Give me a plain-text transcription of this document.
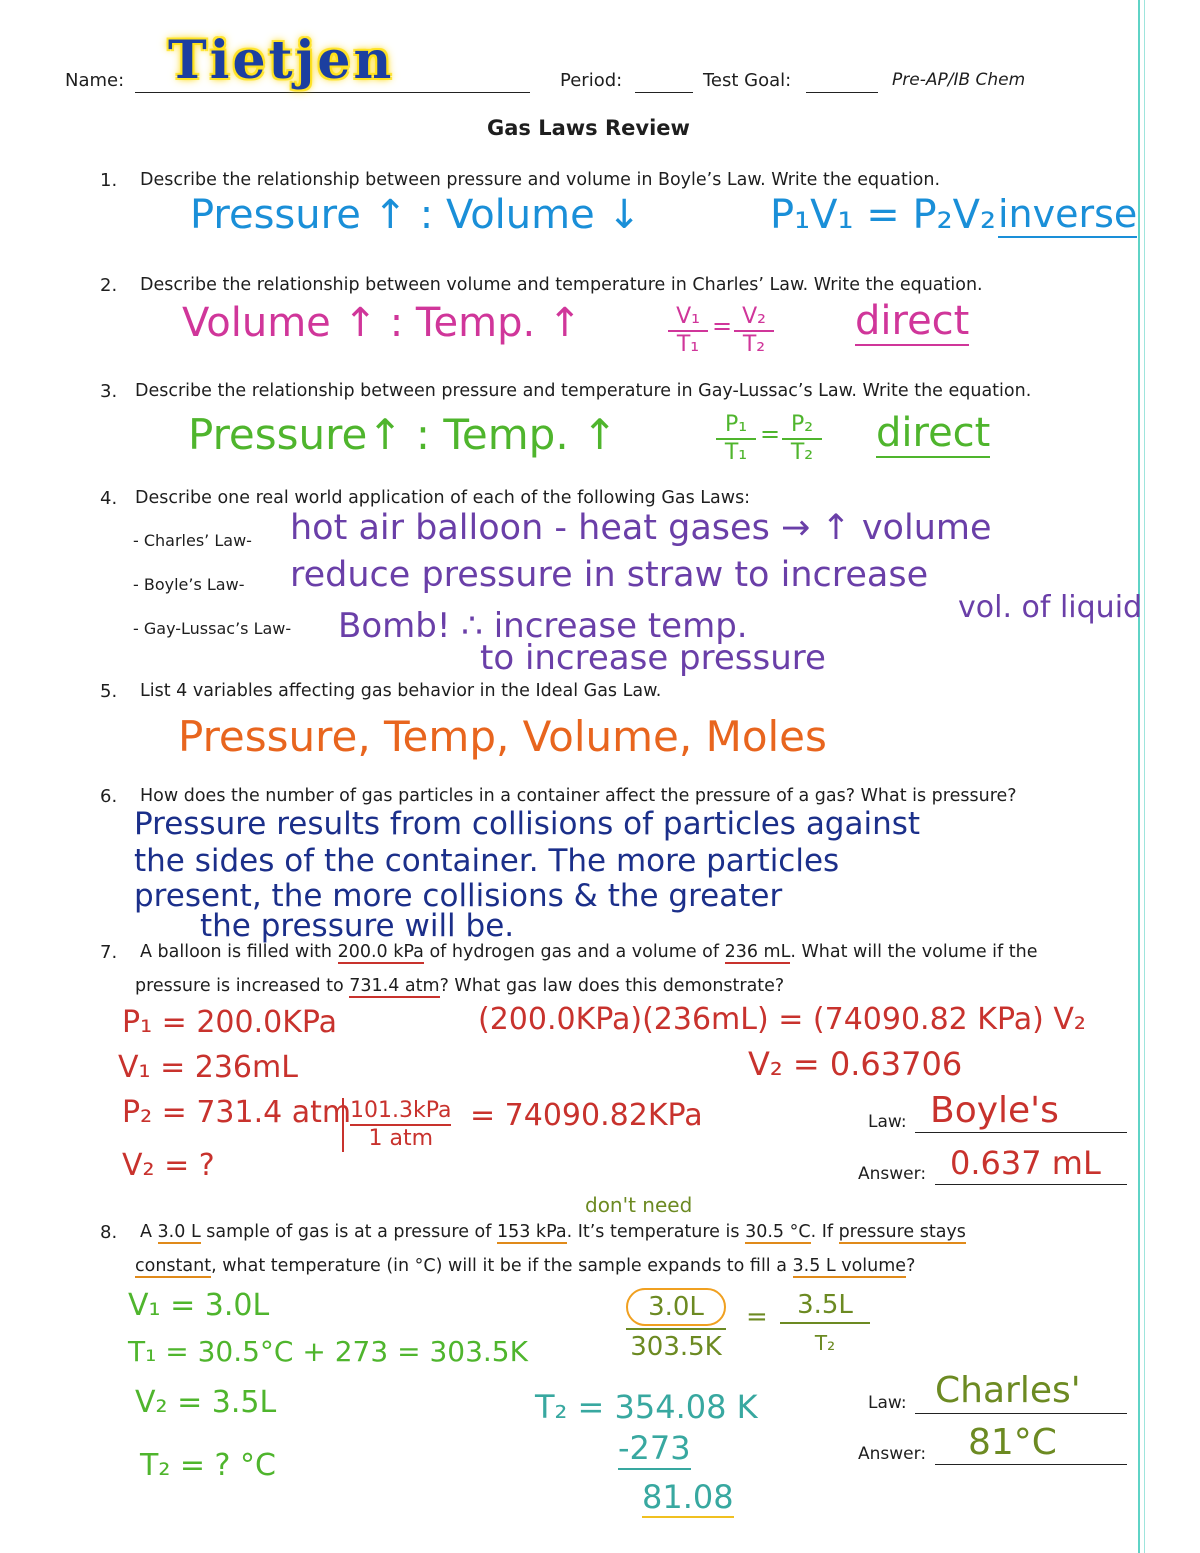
Name: Tietjen	Period:	Test Goal:	Pre-AP/IB Chem
Gas Laws Review
1. Describe the relationship between pressure and volume in Boyle’s Law. Write the equation.
Pressure ↑ : Volume ↓	P₁V₁ = P₂V₂ inverse
2. Describe the relationship between volume and temperature in Charles’ Law. Write the equation.
Volume ↑ : Temp. ↑	$\frac{\text{V₁}}{\text{T₁}} = \frac{\text{V₂}}{\text{T₂}}$ direct
3. Describe the relationship between pressure and temperature in Gay-Lussac’s Law. Write the equation.
Pressure↑ : Temp. ↑	$\frac{\text{P₁}}{\text{T₁}} = \frac{\text{P₂}}{\text{T₂}}$ direct
4. Describe one real world application of each of the following Gas Laws:
- Charles’ Law- hot air balloon - heat gases → ↑ volume
- Boyle’s Law- reduce pressure in straw to increase
vol. of liquid
- Gay-Lussac’s Law- Bomb! ∴ increase temp.
to increase pressure
5. List 4 variables affecting gas behavior in the Ideal Gas Law.
Pressure, Temp, Volume, Moles
6. How does the number of gas particles in a container affect the pressure of a gas? What is pressure?
Pressure results from collisions of particles against
the sides of the container. The more particles
present, the more collisions & the greater
the pressure will be.
7. A balloon is filled with 200.0 kPa of hydrogen gas and a volume of 236 mL. What will the volume if the
pressure is increased to 731.4 atm? What gas law does this demonstrate?
P₁ = 200.0KPa
V₁ = 236mL
P₂ = 731.4 atm
V₂ = ?
101.3kPa
1 atm
= 74090.82KPa
(200.0KPa)(236mL) = (74090.82 KPa) V₂
V₂ = 0.63706
Law: Boyle's
Answer: 0.637 mL
don't need
8. A 3.0 L sample of gas is at a pressure of 153 kPa. It’s temperature is 30.5 °C. If pressure stays
constant, what temperature (in °C) will it be if the sample expands to fill a 3.5 L volume?
V₁ = 3.0L
T₁ = 30.5°C + 273 = 303.5K
V₂ = 3.5L
T₂ = ? °C
$\frac{3.0L}{303.5K}$ =	3.5L
T₂
T₂ = 354.08 K
-273
81.08
Law: Charles'
Answer: 81°C
